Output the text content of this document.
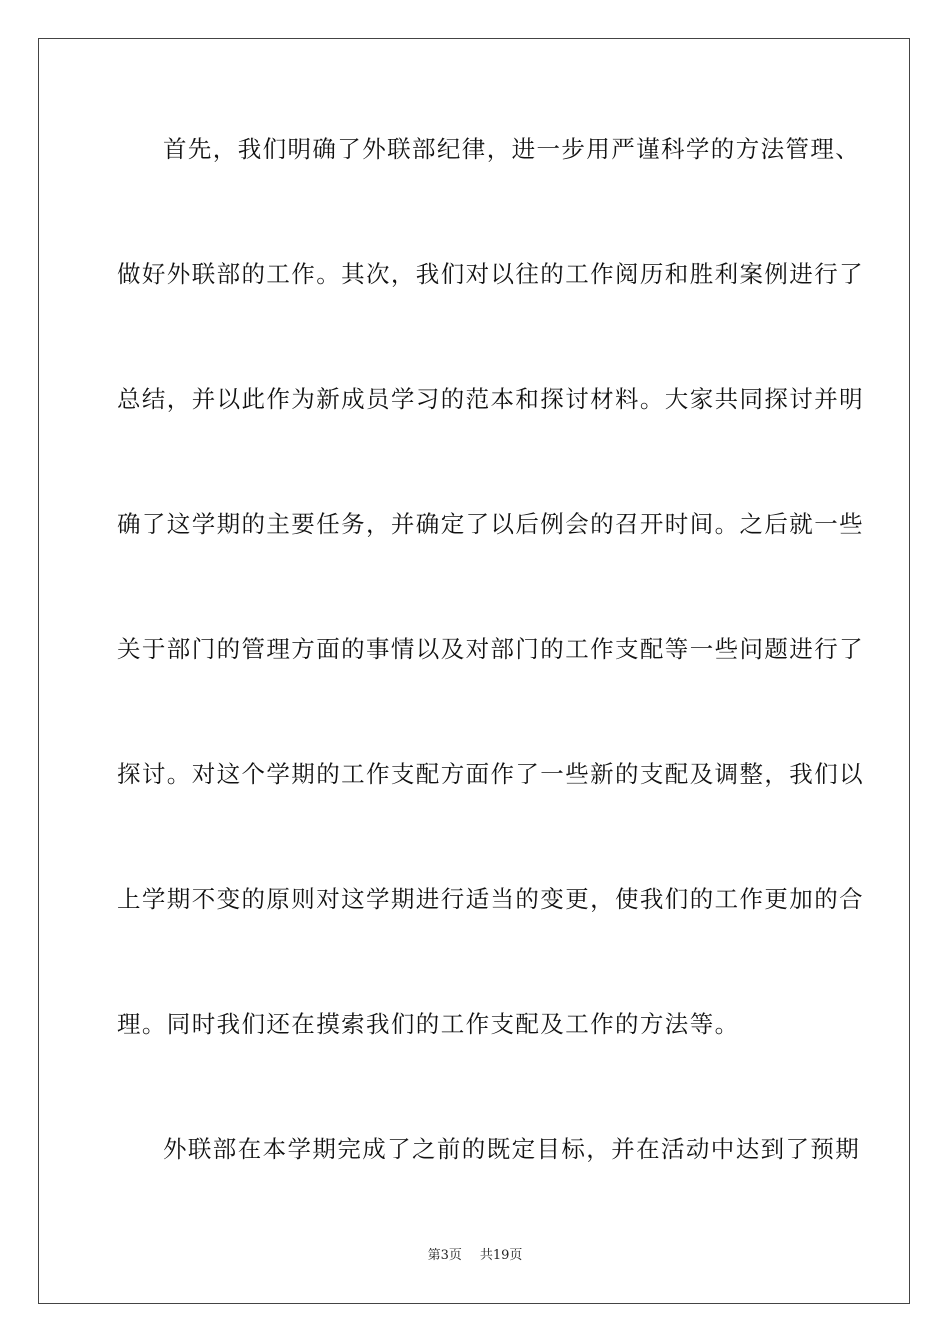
首先，我们明确了外联部纪律，进一步用严谨科学的方法管理、
做好外联部的工作。其次，我们对以往的工作阅历和胜利案例进行了
总结，并以此作为新成员学习的范本和探讨材料。大家共同探讨并明
确了这学期的主要任务，并确定了以后例会的召开时间。之后就一些
关于部门的管理方面的事情以及对部门的工作支配等一些问题进行了
探讨。对这个学期的工作支配方面作了一些新的支配及调整，我们以
上学期不变的原则对这学期进行适当的变更，使我们的工作更加的合
理。同时我们还在摸索我们的工作支配及工作的方法等。
外联部在本学期完成了之前的既定目标，并在活动中达到了预期
第3页 共19页
